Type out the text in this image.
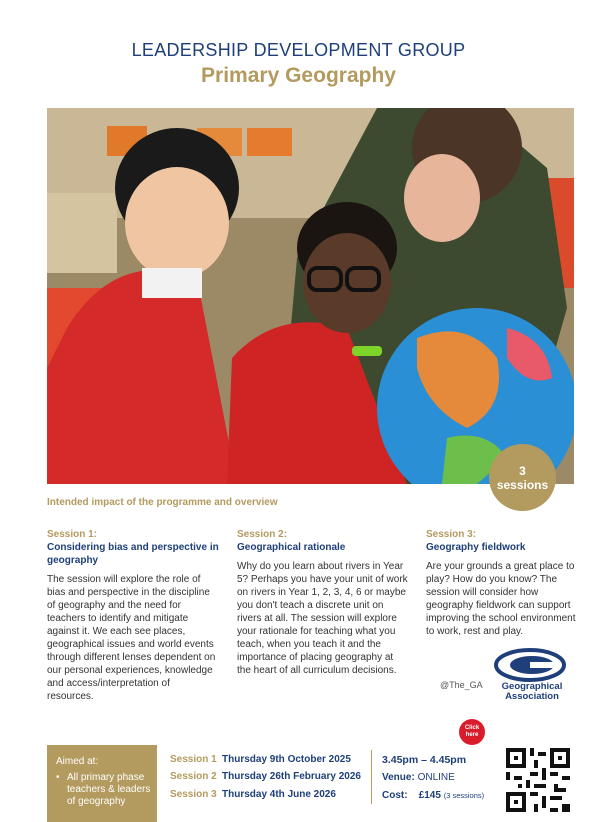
LEADERSHIP DEVELOPMENT GROUP
Primary Geography
3
sessions
Intended impact of the programme and overview
Session 1:
Considering bias and perspective in geography
The session will explore the role of bias and perspective in the discipline of geography and the need for teachers to identify and mitigate against it. We each see places, geographical issues and world events through different lenses dependent on our personal experiences, knowledge and access/interpretation of resources.
Session 2:
Geographical rationale
Why do you learn about rivers in Year 5? Perhaps you have your unit of work on rivers in Year 1, 2, 3, 4, 6 or maybe you don't teach a discrete unit on rivers at all. The session will explore your rationale for teaching what you teach, when you teach it and the importance of placing geography at the heart of all curriculum decisions.
Session 3:
Geography fieldwork
Are your grounds a great place to play? How do you know? The session will consider how geography fieldwork can support improving the school environment to work, rest and play.
@The_GA	Geographical
Association
Click
here
Aimed at:
• All primary phase teachers & leaders of geography
Session 1 Thursday 9th October 2025
Session 2 Thursday 26th February 2026
Session 3 Thursday 4th June 2026
3.45pm – 4.45pm
Venue: ONLINE
Cost: £145 (3 sessions)
